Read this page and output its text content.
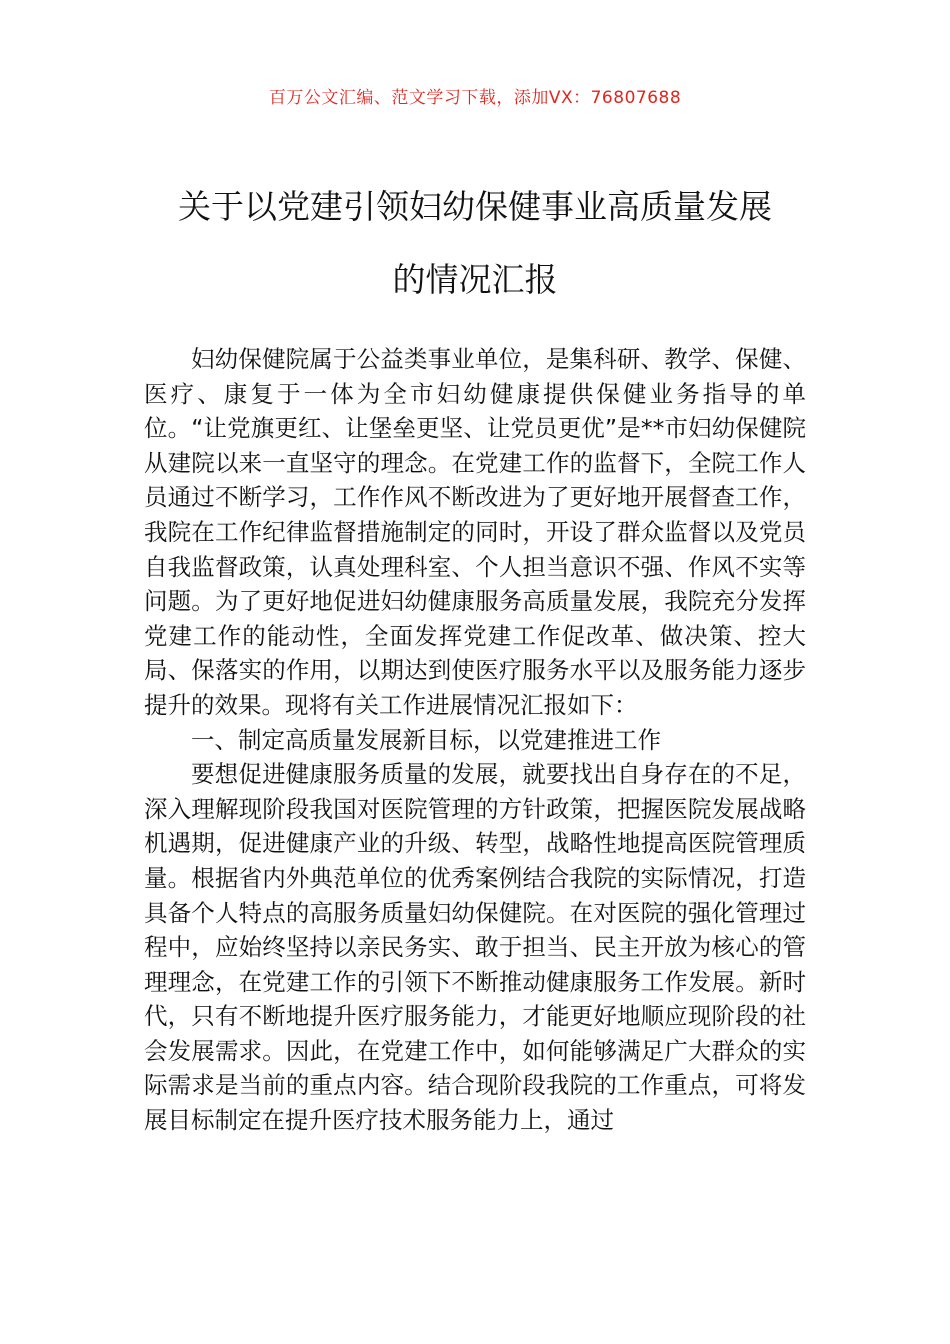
百万公文汇编、范文学习下载，添加VX：76807688
关于以党建引领妇幼保健事业高质量发展
的情况汇报

妇幼保健院属于公益类事业单位，是集科研、教学、保健、医疗、康复于一体为全市妇幼健康提供保健业务指导的单位。“让党旗更红、让堡垒更坚、让党员更优”是**市妇幼保健院从建院以来一直坚守的理念。在党建工作的监督下，全院工作人员通过不断学习，工作作风不断改进为了更好地开展督查工作，我院在工作纪律监督措施制定的同时，开设了群众监督以及党员自我监督政策，认真处理科室、个人担当意识不强、作风不实等问题。为了更好地促进妇幼健康服务高质量发展，我院充分发挥党建工作的能动性，全面发挥党建工作促改革、做决策、控大局、保落实的作用，以期达到使医疗服务水平以及服务能力逐步提升的效果。现将有关工作进展情况汇报如下：

一、制定高质量发展新目标，以党建推进工作

要想促进健康服务质量的发展，就要找出自身存在的不足，深入理解现阶段我国对医院管理的方针政策，把握医院发展战略机遇期，促进健康产业的升级、转型，战略性地提高医院管理质量。根据省内外典范单位的优秀案例结合我院的实际情况，打造具备个人特点的高服务质量妇幼保健院。在对医院的强化管理过程中，应始终坚持以亲民务实、敢于担当、民主开放为核心的管理理念，在党建工作的引领下不断推动健康服务工作发展。新时代，只有不断地提升医疗服务能力，才能更好地顺应现阶段的社会发展需求。因此，在党建工作中，如何能够满足广大群众的实际需求是当前的重点内容。结合现阶段我院的工作重点，可将发展目标制定在提升医疗技术服务能力上，通过
